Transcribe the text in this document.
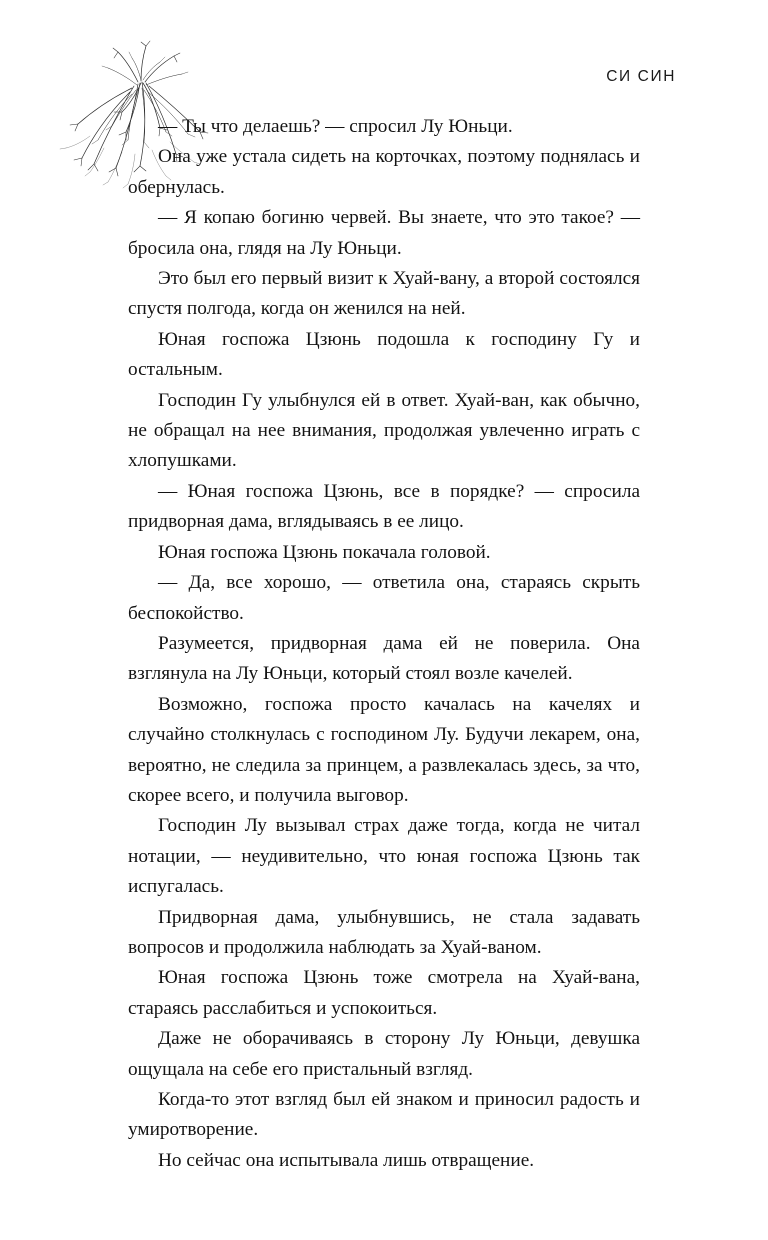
СИ СИН

— Ты что делаешь? — спросил Лу Юньци.

Она уже устала сидеть на корточках, поэтому поднялась и обернулась.

— Я копаю богиню червей. Вы знаете, что это такое? — бросила она, глядя на Лу Юньци.

Это был его первый визит к Хуай-вану, а второй состоялся спустя полгода, когда он женился на ней.

Юная госпожа Цзюнь подошла к господину Гу и остальным.

Господин Гу улыбнулся ей в ответ. Хуай-ван, как обычно, не обращал на нее внимания, продолжая увлеченно играть с хлопушками.

— Юная госпожа Цзюнь, все в порядке? — спросила придворная дама, вглядываясь в ее лицо.

Юная госпожа Цзюнь покачала головой.

— Да, все хорошо, — ответила она, стараясь скрыть беспокойство.

Разумеется, придворная дама ей не поверила. Она взглянула на Лу Юньци, который стоял возле качелей.

Возможно, госпожа просто качалась на качелях и случайно столкнулась с господином Лу. Будучи лекарем, она, вероятно, не следила за принцем, а развлекалась здесь, за что, скорее всего, и получила выговор.

Господин Лу вызывал страх даже тогда, когда не читал нотации, — неудивительно, что юная госпожа Цзюнь так испугалась.

Придворная дама, улыбнувшись, не стала задавать вопросов и продолжила наблюдать за Хуай-ваном.

Юная госпожа Цзюнь тоже смотрела на Хуай-вана, стараясь расслабиться и успокоиться.

Даже не оборачиваясь в сторону Лу Юньци, девушка ощущала на себе его пристальный взгляд.

Когда-то этот взгляд был ей знаком и приносил радость и умиротворение.

Но сейчас она испытывала лишь отвращение.
